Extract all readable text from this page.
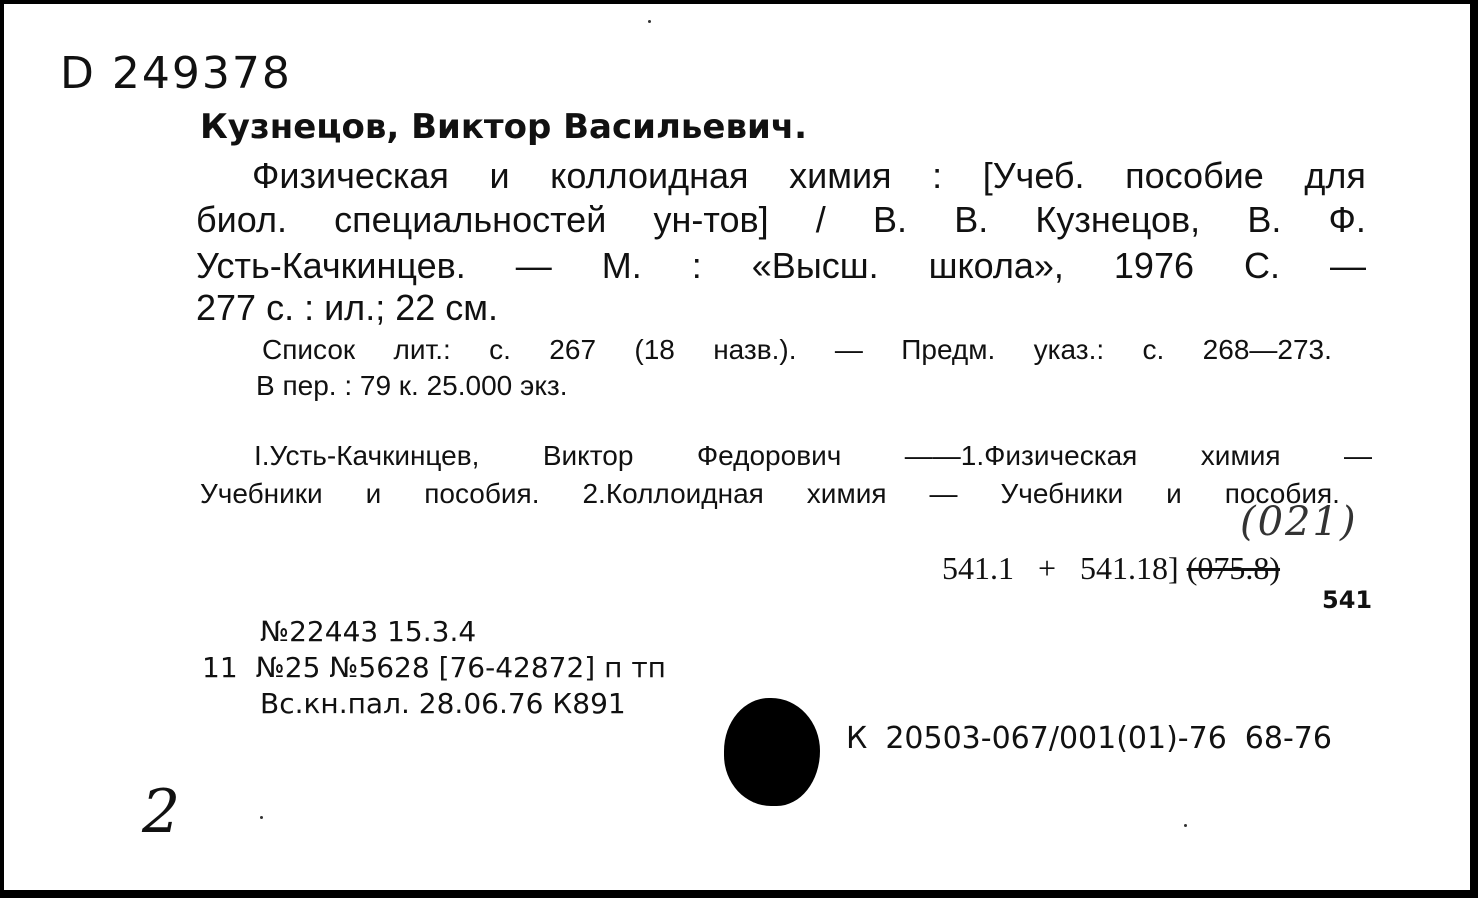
D 249378
Кузнецов, Виктор Васильевич.
Физическая и коллоидная химия : [Учеб. пособие для
биол. специальностей ун-тов] / В. В. Кузнецов, В. Ф.
Усть-Качкинцев. — М. : «Высш. школа», 1976 С. —
277 с. : ил.; 22 см.
Список лит.: с. 267 (18 назв.). — Предм. указ.: с. 268—273.
В пер. : 79 к. 25.000 экз.
I.Усть-Качкинцев, Виктор Федорович ——1.Физическая химия —
Учебники и пособия. 2.Коллоидная химия — Учебники и пособия.
(021)
541.1 + 541.18] (075.8)
541
№22443 15.3.4
11 №25 №5628 [76-42872] п тп
Вс.кн.пал. 28.06.76 К891
К 20503-067/001(01)-76 68-76
2
